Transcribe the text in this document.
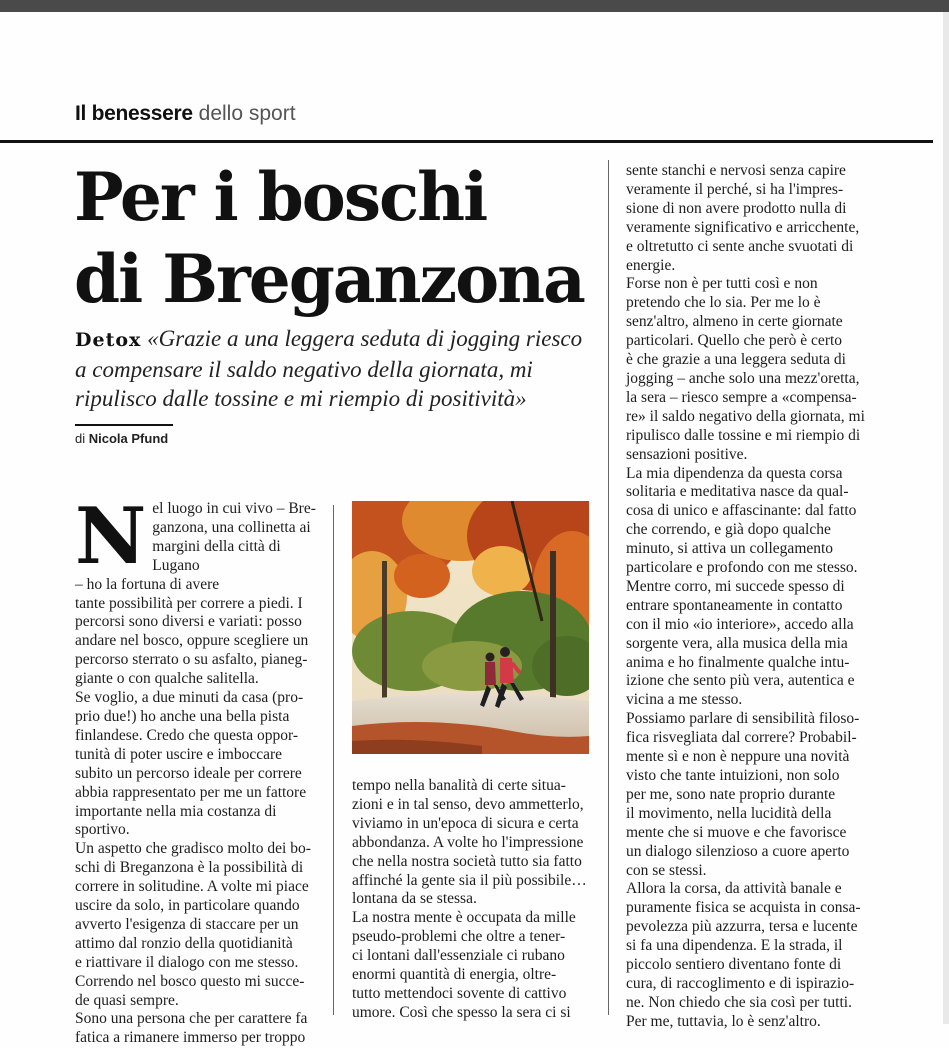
Il benessere dello sport
Per i boschi
di Breganzona
Detox «Grazie a una leggera seduta di jogging riesco a compensare il saldo negativo della giornata, mi ripulisco dalle tossine e mi riempio di positività»
di Nicola Pfund
N el luogo in cui vivo – Bre-

ganzona, una collinetta ai

margini della città di Lugano

– ho la fortuna di avere

tante possibilità per correre a piedi. I

percorsi sono diversi e variati: posso

andare nel bosco, oppure scegliere un

percorso sterrato o su asfalto, pianeg-

giante o con qualche salitella.

Se voglio, a due minuti da casa (pro-

prio due!) ho anche una bella pista

finlandese. Credo che questa oppor-

tunità di poter uscire e imboccare

subito un percorso ideale per correre

abbia rappresentato per me un fattore

importante nella mia costanza di

sportivo.

Un aspetto che gradisco molto dei bo-

schi di Breganzona è la possibilità di

correre in solitudine. A volte mi piace

uscire da solo, in particolare quando

avverto l'esigenza di staccare per un

attimo dal ronzio della quotidianità

e riattivare il dialogo con me stesso.

Correndo nel bosco questo mi succe-

de quasi sempre.

Sono una persona che per carattere fa

fatica a rimanere immerso per troppo

tempo nella banalità di certe situa-

zioni e in tal senso, devo ammetterlo,

viviamo in un'epoca di sicura e certa

abbondanza. A volte ho l'impressione

che nella nostra società tutto sia fatto

affinché la gente sia il più possibile…

lontana da se stessa.

La nostra mente è occupata da mille

pseudo-problemi che oltre a tener-

ci lontani dall'essenziale ci rubano

enormi quantità di energia, oltre-

tutto mettendoci sovente di cattivo

umore. Così che spesso la sera ci si

sente stanchi e nervosi senza capire

veramente il perché, si ha l'impres-

sione di non avere prodotto nulla di

veramente significativo e arricchente,

e oltretutto ci sente anche svuotati di

energie.

Forse non è per tutti così e non

pretendo che lo sia. Per me lo è

senz'altro, almeno in certe giornate

particolari. Quello che però è certo

è che grazie a una leggera seduta di

jogging – anche solo una mezz'oretta,

la sera – riesco sempre a «compensa-

re» il saldo negativo della giornata, mi

ripulisco dalle tossine e mi riempio di

sensazioni positive.

La mia dipendenza da questa corsa

solitaria e meditativa nasce da qual-

cosa di unico e affascinante: dal fatto

che correndo, e già dopo qualche

minuto, si attiva un collegamento

particolare e profondo con me stesso.

Mentre corro, mi succede spesso di

entrare spontaneamente in contatto

con il mio «io interiore», accedo alla

sorgente vera, alla musica della mia

anima e ho finalmente qualche intu-

izione che sento più vera, autentica e

vicina a me stesso.

Possiamo parlare di sensibilità filoso-

fica risvegliata dal correre? Probabil-

mente sì e non è neppure una novità

visto che tante intuizioni, non solo

per me, sono nate proprio durante

il movimento, nella lucidità della

mente che si muove e che favorisce

un dialogo silenzioso a cuore aperto

con se stessi.

Allora la corsa, da attività banale e

puramente fisica se acquista in consa-

pevolezza più azzurra, tersa e lucente

si fa una dipendenza. E la strada, il

piccolo sentiero diventano fonte di

cura, di raccoglimento e di ispirazio-

ne. Non chiedo che sia così per tutti.

Per me, tuttavia, lo è senz'altro.
